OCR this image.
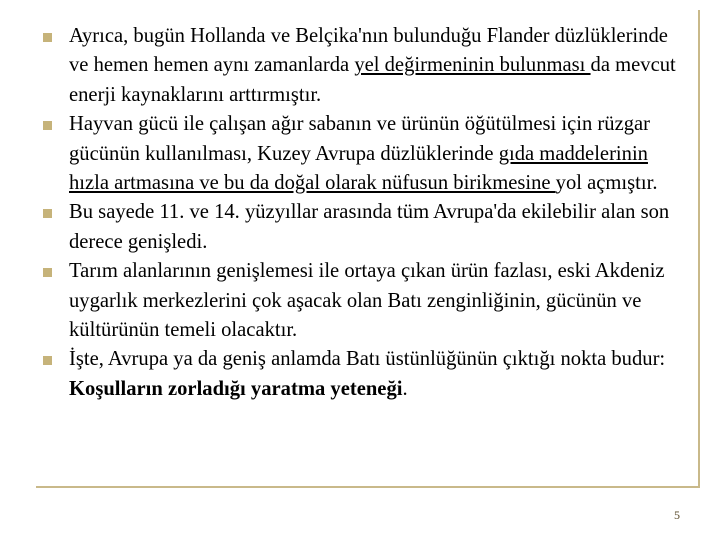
Ayrıca, bugün Hollanda ve Belçika'nın bulunduğu Flander düzlüklerinde ve hemen hemen aynı zamanlarda yel değirmeninin bulunması da mevcut enerji kaynaklarını arttırmıştır.
Hayvan gücü ile çalışan ağır sabanın ve ürünün öğütülmesi için rüzgar gücünün kullanılması, Kuzey Avrupa düzlüklerinde gıda maddelerinin hızla artmasına ve bu da doğal olarak nüfusun birikmesine yol açmıştır.
Bu sayede 11. ve 14. yüzyıllar arasında tüm Avrupa'da ekilebilir alan son derece genişledi.
Tarım alanlarının genişlemesi ile ortaya çıkan ürün fazlası, eski Akdeniz uygarlık merkezlerini çok aşacak olan Batı zenginliğinin, gücünün ve kültürünün temeli olacaktır.
İşte, Avrupa ya da geniş anlamda Batı üstünlüğünün çıktığı nokta budur: Koşulların zorladığı yaratma yeteneği.
5
